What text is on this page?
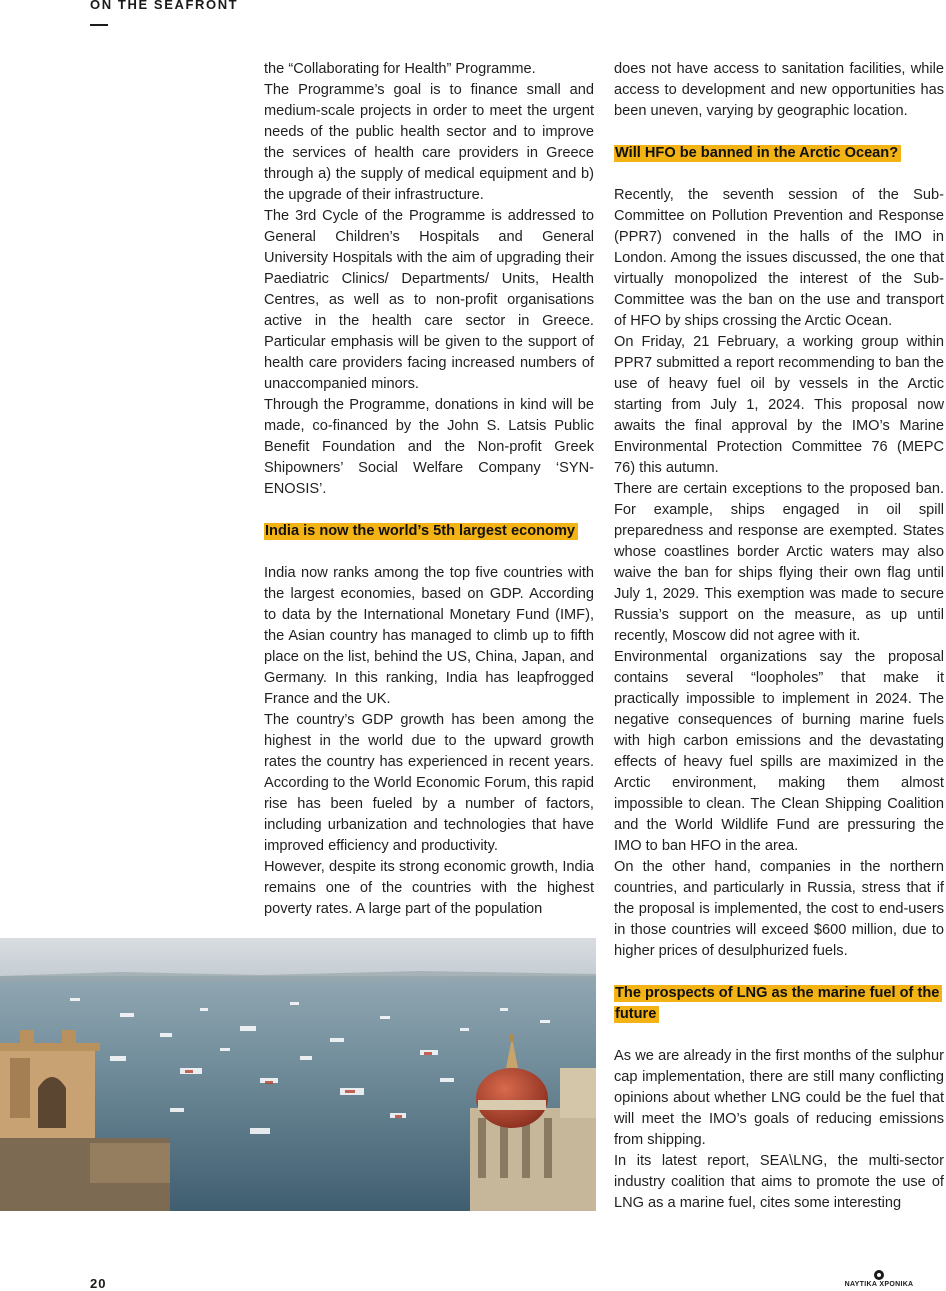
ON THE SEAFRONT

the “Collaborating for Health” Programme.

The Programme’s goal is to finance small and medium-scale projects in order to meet the urgent needs of the public health sector and to improve the services of health care providers in Greece through a) the supply of medical equipment and b) the upgrade of their infrastructure.

The 3rd Cycle of the Programme is addressed to General Children’s Hospitals and General University Hospitals with the aim of upgrading their Paediatric Clinics/ Departments/ Units, Health Centres, as well as to non-profit organisations active in the health care sector in Greece. Particular emphasis will be given to the support of health care providers facing increased numbers of unaccompanied minors.

Through the Programme, donations in kind will be made, co-financed by the John S. Latsis Public Benefit Foundation and the Non-profit Greek Shipowners’ Social Welfare Company ‘SYN-ENOSIS’.

India is now the world’s 5th largest economy

India now ranks among the top five countries with the largest economies, based on GDP. According to data by the International Monetary Fund (IMF), the Asian country has managed to climb up to fifth place on the list, behind the US, China, Japan, and Germany. In this ranking, India has leapfrogged France and the UK.

The country’s GDP growth has been among the highest in the world due to the upward growth rates the country has experienced in recent years. According to the World Economic Forum, this rapid rise has been fueled by a number of factors, including urbanization and technologies that have improved efficiency and productivity.

However, despite its strong economic growth, India remains one of the countries with the highest poverty rates. A large part of the population

does not have access to sanitation facilities, while access to development and new opportunities has been uneven, varying by geographic location.

Will HFO be banned in the Arctic Ocean?

Recently, the seventh session of the Sub-Committee on Pollution Prevention and Response (PPR7) convened in the halls of the IMO in London. Among the issues discussed, the one that virtually monopolized the interest of the Sub-Committee was the ban on the use and transport of HFO by ships crossing the Arctic Ocean.

On Friday, 21 February, a working group within PPR7 submitted a report recommending to ban the use of heavy fuel oil by vessels in the Arctic starting from July 1, 2024. This proposal now awaits the final approval by the IMO’s Marine Environmental Protection Committee 76 (MEPC 76) this autumn.

There are certain exceptions to the proposed ban. For example, ships engaged in oil spill preparedness and response are exempted. States whose coastlines border Arctic waters may also waive the ban for ships flying their own flag until July 1, 2029. This exemption was made to secure Russia’s support on the measure, as up until recently, Moscow did not agree with it.

Environmental organizations say the proposal contains several “loopholes” that make it practically impossible to implement in 2024. The negative consequences of burning marine fuels with high carbon emissions and the devastating effects of heavy fuel spills are maximized in the Arctic environment, making them almost impossible to clean. The Clean Shipping Coalition and the World Wildlife Fund are pressuring the IMO to ban HFO in the area.

On the other hand, companies in the northern countries, and particularly in Russia, stress that if the proposal is implemented, the cost to end-users in those countries will exceed $600 million, due to higher prices of desulphurized fuels.

The prospects of LNG as the marine fuel of the future

As we are already in the first months of the sulphur cap implementation, there are still many conflicting opinions about whether LNG could be the fuel that will meet the IMO’s goals of reducing emissions from shipping.

In its latest report, SEA\LNG, the multi-sector industry coalition that aims to promote the use of LNG as a marine fuel, cites some interesting

20	ΝΑΥΤΙΚΑ ΧΡΟΝΙΚΑ
